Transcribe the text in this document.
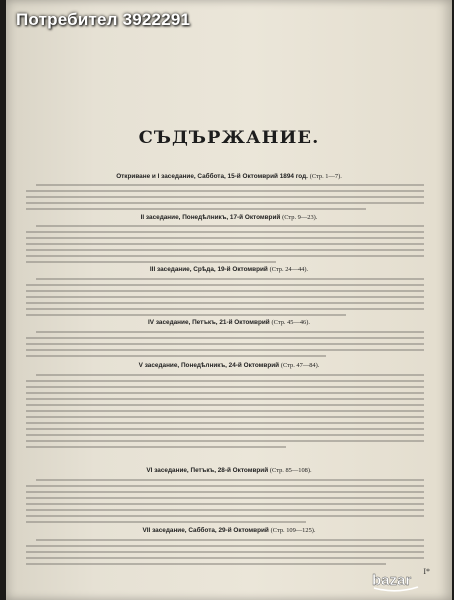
Потребител 3922291
СЪДЪРЖАНИЕ.
Откриване и I заседание, Саббота, 15-й Октомврий 1894 год. (Стр. 1—7).
II заседание, Понедѣлникъ, 17-й Октомврий (Стр. 9—23).
III заседание, Срѣда, 19-й Октомврий (Стр. 24—44).
IV заседание, Петъкъ, 21-й Октомврий (Стр. 45—46).
V заседание, Понедѣлникъ, 24-й Октомврий (Стр. 47—84).
VI заседание, Петъкъ, 28-й Октомврий (Стр. 85—108).
VII заседание, Саббота, 29-й Октомврий (Стр. 109—125).
I*
bazar
